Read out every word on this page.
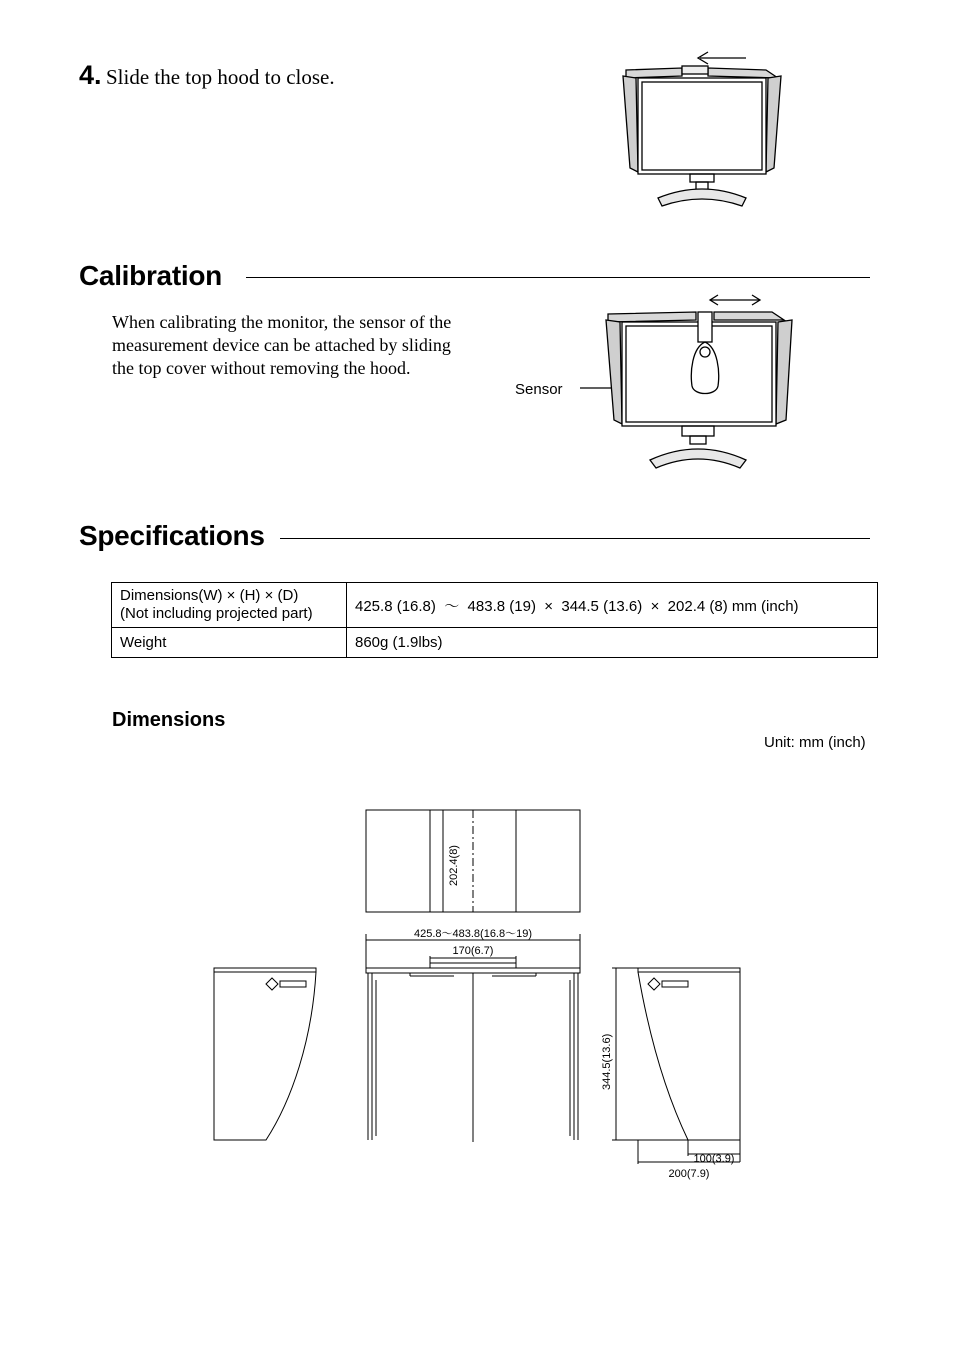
4. Slide the top hood to close.
Calibration
When calibrating the monitor, the sensor of the
measurement device can be attached by sliding
the top cover without removing the hood.
Sensor
Specifications
Dimensions(W) × (H) × (D)
(Not including projected part)	425.8 (16.8)  ～  483.8 (19)  ×  344.5 (13.6)  ×  202.4 (8) mm (inch)
Weight	860g (1.9lbs)
Dimensions
Unit: mm (inch)
202.4(8)
425.8～483.8(16.8～19)
170(6.7)
344.5(13.6)
100(3.9)
200(7.9)
